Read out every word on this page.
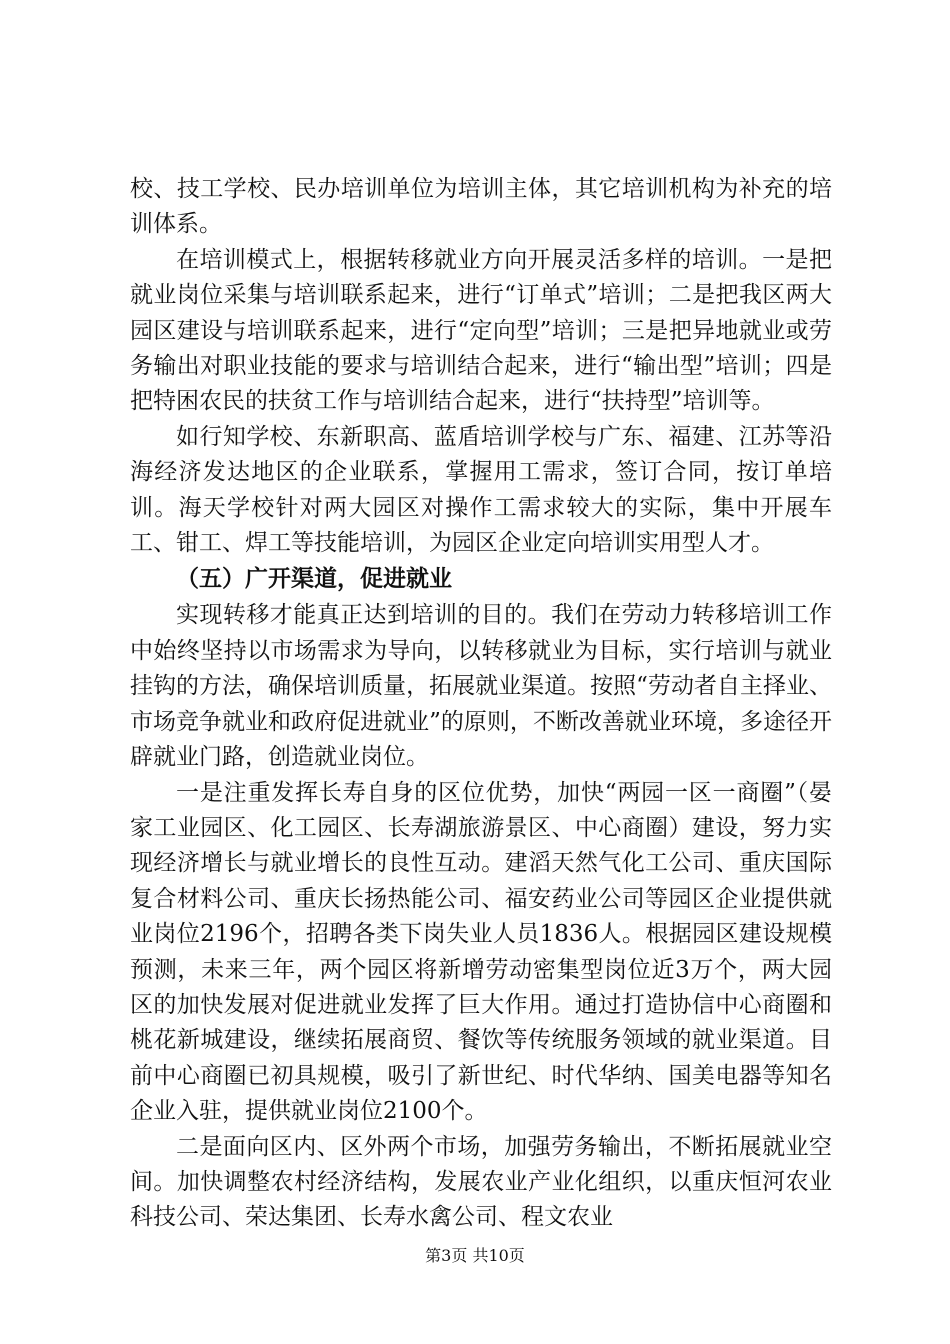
校、技工学校、民办培训单位为培训主体，其它培训机构为补充的培训体系。

在培训模式上，根据转移就业方向开展灵活多样的培训。一是把就业岗位采集与培训联系起来，进行“订单式”培训；二是把我区两大园区建设与培训联系起来，进行“定向型”培训；三是把异地就业或劳务输出对职业技能的要求与培训结合起来，进行“输出型”培训；四是把特困农民的扶贫工作与培训结合起来，进行“扶持型”培训等。

如行知学校、东新职高、蓝盾培训学校与广东、福建、江苏等沿海经济发达地区的企业联系，掌握用工需求，签订合同，按订单培训。海天学校针对两大园区对操作工需求较大的实际，集中开展车工、钳工、焊工等技能培训，为园区企业定向培训实用型人才。

（五）广开渠道，促进就业

实现转移才能真正达到培训的目的。我们在劳动力转移培训工作中始终坚持以市场需求为导向，以转移就业为目标，实行培训与就业挂钩的方法，确保培训质量，拓展就业渠道。按照“劳动者自主择业、市场竞争就业和政府促进就业”的原则，不断改善就业环境，多途径开辟就业门路，创造就业岗位。

一是注重发挥长寿自身的区位优势，加快“两园一区一商圈”（晏家工业园区、化工园区、长寿湖旅游景区、中心商圈）建设，努力实现经济增长与就业增长的良性互动。建滔天然气化工公司、重庆国际复合材料公司、重庆长扬热能公司、福安药业公司等园区企业提供就业岗位2196个，招聘各类下岗失业人员1836人。根据园区建设规模预测，未来三年，两个园区将新增劳动密集型岗位近3万个，两大园区的加快发展对促进就业发挥了巨大作用。通过打造协信中心商圈和桃花新城建设，继续拓展商贸、餐饮等传统服务领域的就业渠道。目前中心商圈已初具规模，吸引了新世纪、时代华纳、国美电器等知名企业入驻，提供就业岗位2100个。

二是面向区内、区外两个市场，加强劳务输出，不断拓展就业空间。加快调整农村经济结构，发展农业产业化组织，以重庆恒河农业科技公司、荣达集团、长寿水禽公司、程文农业

第3页 共10页
